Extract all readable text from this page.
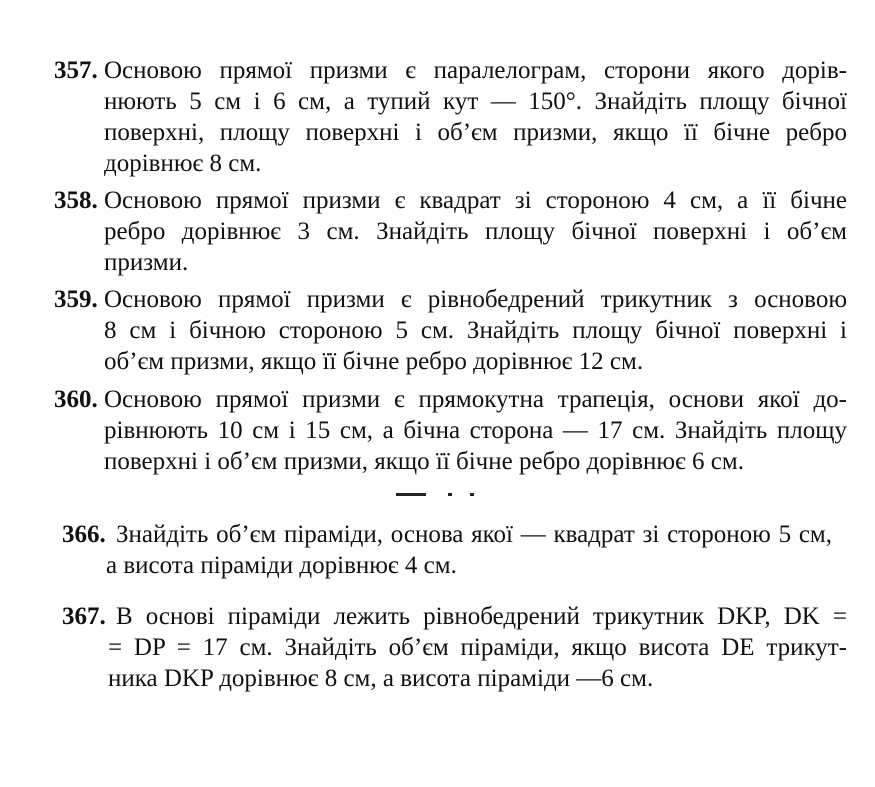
357. Основою прямої призми є паралелограм, сторони якого дорів-
нюють 5 см і 6 см, а тупий кут — 150°. Знайдіть площу бічної
поверхні, площу поверхні і об’єм призми, якщо її бічне ребро
дорівнює 8 см.
358. Основою прямої призми є квадрат зі стороною 4 см, а її бічне
ребро дорівнює 3 см. Знайдіть площу бічної поверхні і об’єм
призми.
359. Основою прямої призми є рівнобедрений трикутник з основою
8 см і бічною стороною 5 см. Знайдіть площу бічної поверхні і
об’єм призми, якщо її бічне ребро дорівнює 12 см.
360. Основою прямої призми є прямокутна трапеція, основи якої до-
рівнюють 10 см і 15 см, а бічна сторона — 17 см. Знайдіть площу
поверхні і об’єм призми, якщо її бічне ребро дорівнює 6 см.
366. Знайдіть об’єм піраміди, основа якої — квадрат зі стороною 5 см,
а висота піраміди дорівнює 4 см.
367. В основі піраміди лежить рівнобедрений трикутник DKP, DK =
= DP = 17 см. Знайдіть об’єм піраміди, якщо висота DE трикут-
ника DKP дорівнює 8 см, а висота піраміди —6 см.
